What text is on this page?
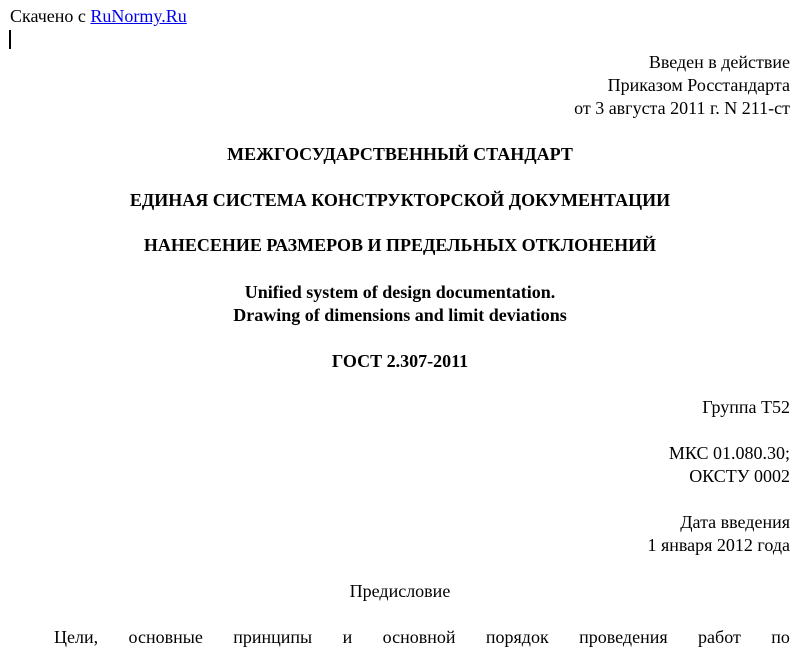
Скачено с RuNormy.Ru
Введен в действие
Приказом Росстандарта
от 3 августа 2011 г. N 211-ст
МЕЖГОСУДАРСТВЕННЫЙ СТАНДАРТ
ЕДИНАЯ СИСТЕМА КОНСТРУКТОРСКОЙ ДОКУМЕНТАЦИИ
НАНЕСЕНИЕ РАЗМЕРОВ И ПРЕДЕЛЬНЫХ ОТКЛОНЕНИЙ
Unified system of design documentation.
Drawing of dimensions and limit deviations
ГОСТ 2.307-2011
Группа Т52
МКС 01.080.30;
ОКСТУ 0002
Дата введения
1 января 2012 года
Предисловие
Цели, основные принципы и основной порядок проведения работ по
